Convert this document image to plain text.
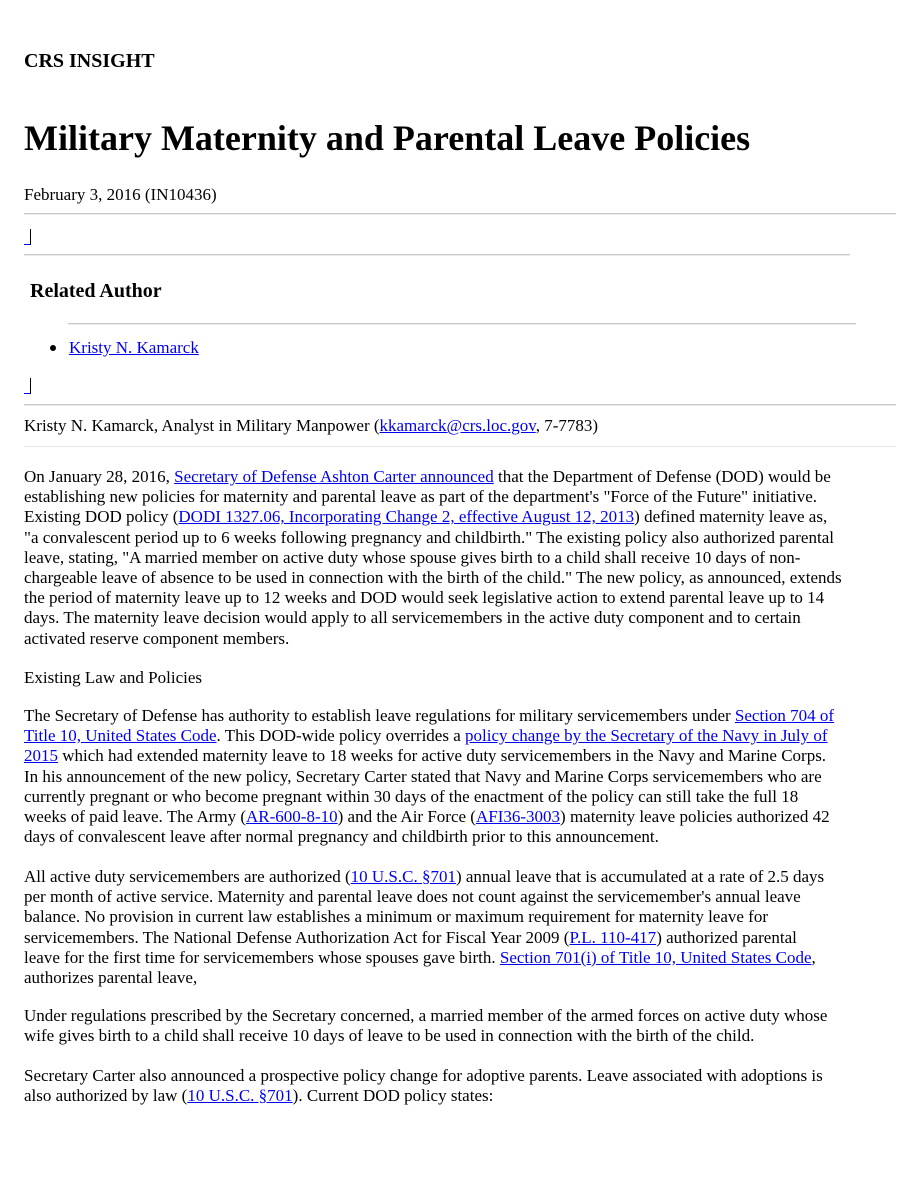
CRS INSIGHT
Military Maternity and Parental Leave Policies
February 3, 2016 (IN10436)
Related Author
Kristy N. Kamarck
Kristy N. Kamarck, Analyst in Military Manpower (kkamarck@crs.loc.gov, 7-7783)
On January 28, 2016, Secretary of Defense Ashton Carter announced that the Department of Defense (DOD) would be
establishing new policies for maternity and parental leave as part of the department's "Force of the Future" initiative.
Existing DOD policy (DODI 1327.06, Incorporating Change 2, effective August 12, 2013) defined maternity leave as,
"a convalescent period up to 6 weeks following pregnancy and childbirth." The existing policy also authorized parental
leave, stating, "A married member on active duty whose spouse gives birth to a child shall receive 10 days of non-
chargeable leave of absence to be used in connection with the birth of the child." The new policy, as announced, extends
the period of maternity leave up to 12 weeks and DOD would seek legislative action to extend parental leave up to 14
days. The maternity leave decision would apply to all servicemembers in the active duty component and to certain
activated reserve component members.
Existing Law and Policies
The Secretary of Defense has authority to establish leave regulations for military servicemembers under Section 704 of
Title 10, United States Code. This DOD-wide policy overrides a policy change by the Secretary of the Navy in July of
2015 which had extended maternity leave to 18 weeks for active duty servicemembers in the Navy and Marine Corps.
In his announcement of the new policy, Secretary Carter stated that Navy and Marine Corps servicemembers who are
currently pregnant or who become pregnant within 30 days of the enactment of the policy can still take the full 18
weeks of paid leave. The Army (AR-600-8-10) and the Air Force (AFI36-3003) maternity leave policies authorized 42
days of convalescent leave after normal pregnancy and childbirth prior to this announcement.
All active duty servicemembers are authorized (10 U.S.C. §701) annual leave that is accumulated at a rate of 2.5 days
per month of active service. Maternity and parental leave does not count against the servicemember's annual leave
balance. No provision in current law establishes a minimum or maximum requirement for maternity leave for
servicemembers. The National Defense Authorization Act for Fiscal Year 2009 (P.L. 110-417) authorized parental
leave for the first time for servicemembers whose spouses gave birth. Section 701(i) of Title 10, United States Code,
authorizes parental leave,
Under regulations prescribed by the Secretary concerned, a married member of the armed forces on active duty whose
wife gives birth to a child shall receive 10 days of leave to be used in connection with the birth of the child.
Secretary Carter also announced a prospective policy change for adoptive parents. Leave associated with adoptions is
also authorized by law (10 U.S.C. §701). Current DOD policy states:
